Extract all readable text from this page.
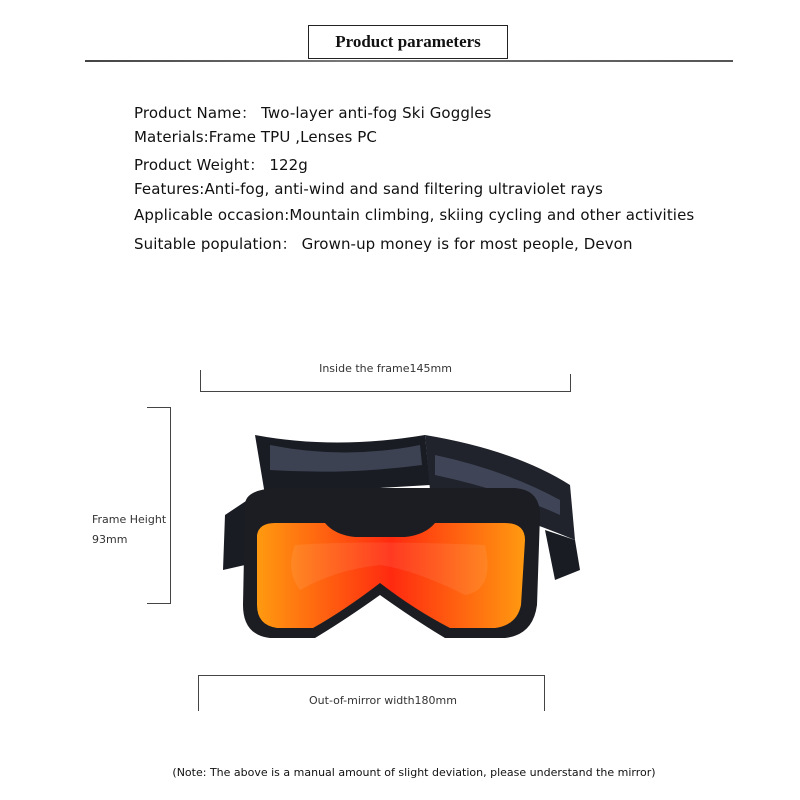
Product parameters
Product Name： Two-layer anti-fog Ski Goggles
Materials:Frame TPU ,Lenses PC
Product Weight： 122g
Features:Anti-fog, anti-wind and sand filtering ultraviolet rays
Applicable occasion:Mountain climbing, skiing cycling and other activities
Suitable population： Grown-up money is for most people, Devon
Inside the frame145mm
Frame Height
93mm
Out-of-mirror width180mm
(Note: The above is a manual amount of slight deviation, please understand the mirror)
